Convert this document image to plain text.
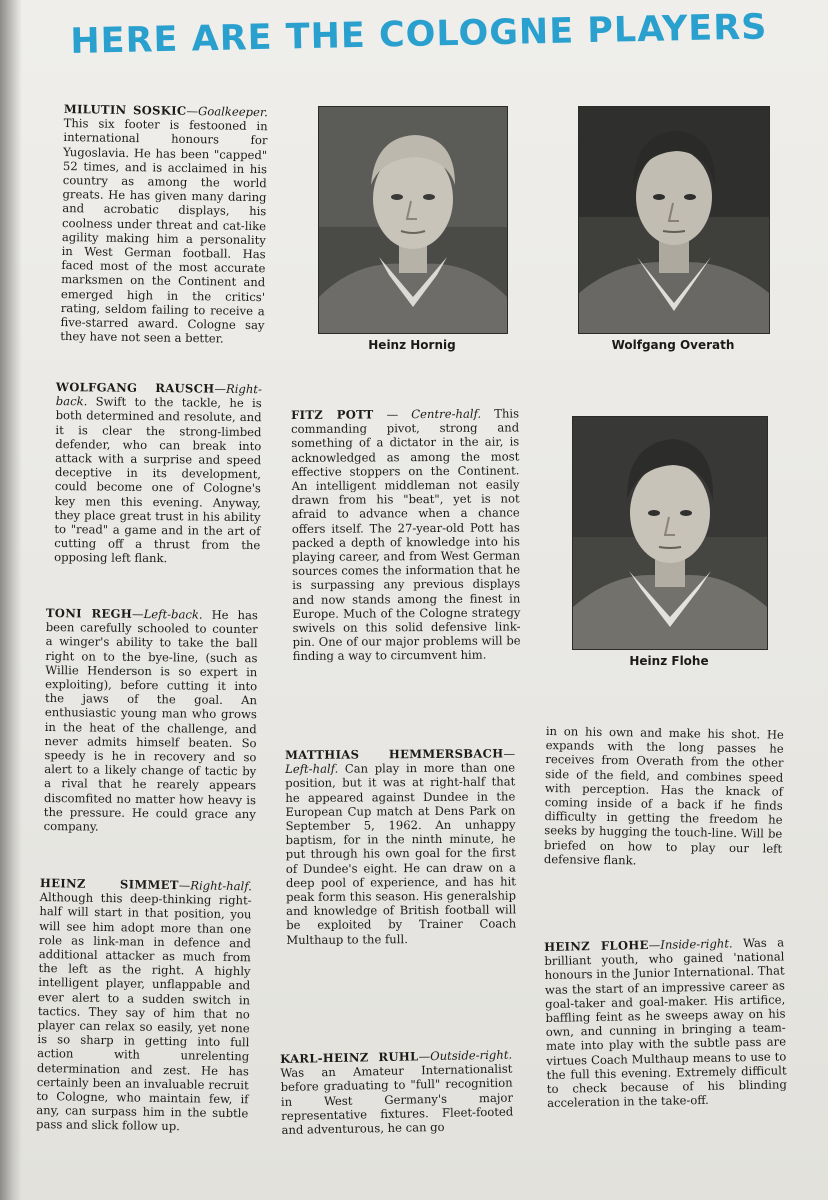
HERE ARE THE COLOGNE PLAYERS

MILUTIN SOSKIC—Goalkeeper. This six footer is festooned in international honours for Yugoslavia. He has been "capped" 52 times, and is acclaimed in his country as among the world greats. He has given many daring and acrobatic displays, his coolness under threat and cat-like agility making him a personality in West German football. Has faced most of the most accurate marksmen on the Continent and emerged high in the critics' rating, seldom failing to receive a five-starred award. Cologne say they have not seen a better.

WOLFGANG RAUSCH—Right-back. Swift to the tackle, he is both determined and resolute, and it is clear the strong-limbed defender, who can break into attack with a surprise and speed deceptive in its development, could become one of Cologne's key men this evening. Anyway, they place great trust in his ability to "read" a game and in the art of cutting off a thrust from the opposing left flank.

TONI REGH—Left-back. He has been carefully schooled to counter a winger's ability to take the ball right on to the bye-line, (such as Willie Henderson is so expert in exploiting), before cutting it into the jaws of the goal. An enthusiastic young man who grows in the heat of the challenge, and never admits himself beaten. So speedy is he in recovery and so alert to a likely change of tactic by a rival that he rearely appears discomfited no matter how heavy is the pressure. He could grace any company.

HEINZ SIMMET—Right-half. Although this deep-thinking right-half will start in that position, you will see him adopt more than one role as link-man in defence and additional attacker as much from the left as the right. A highly intelligent player, unflappable and ever alert to a sudden switch in tactics. They say of him that no player can relax so easily, yet none is so sharp in getting into full action with unrelenting determination and zest. He has certainly been an invaluable recruit to Cologne, who maintain few, if any, can surpass him in the subtle pass and slick follow up.

Heinz Hornig

FITZ POTT — Centre-half. This commanding pivot, strong and something of a dictator in the air, is acknowledged as among the most effective stoppers on the Continent. An intelligent middleman not easily drawn from his "beat", yet is not afraid to advance when a chance offers itself. The 27-year-old Pott has packed a depth of knowledge into his playing career, and from West German sources comes the information that he is surpassing any previous displays and now stands among the finest in Europe. Much of the Cologne strategy swivels on this solid defensive link-pin. One of our major problems will be finding a way to circumvent him.

MATTHIAS HEMMERSBACH—Left-half. Can play in more than one position, but it was at right-half that he appeared against Dundee in the European Cup match at Dens Park on September 5, 1962. An unhappy baptism, for in the ninth minute, he put through his own goal for the first of Dundee's eight. He can draw on a deep pool of experience, and has hit peak form this season. His generalship and knowledge of British football will be exploited by Trainer Coach Multhaup to the full.

KARL-HEINZ RUHL—Outside-right. Was an Amateur Internationalist before graduating to "full" recognition in West Germany's major representative fixtures. Fleet-footed and adventurous, he can go

Wolfgang Overath

Heinz Flohe

in on his own and make his shot. He expands with the long passes he receives from Overath from the other side of the field, and combines speed with perception. Has the knack of coming inside of a back if he finds difficulty in getting the freedom he seeks by hugging the touch-line. Will be briefed on how to play our left defensive flank.

HEINZ FLOHE—Inside-right. Was a brilliant youth, who gained 'national honours in the Junior International. That was the start of an impressive career as goal-taker and goal-maker. His artifice, baffling feint as he sweeps away on his own, and cunning in bringing a team-mate into play with the subtle pass are virtues Coach Multhaup means to use to the full this evening. Extremely difficult to check because of his blinding acceleration in the take-off.
